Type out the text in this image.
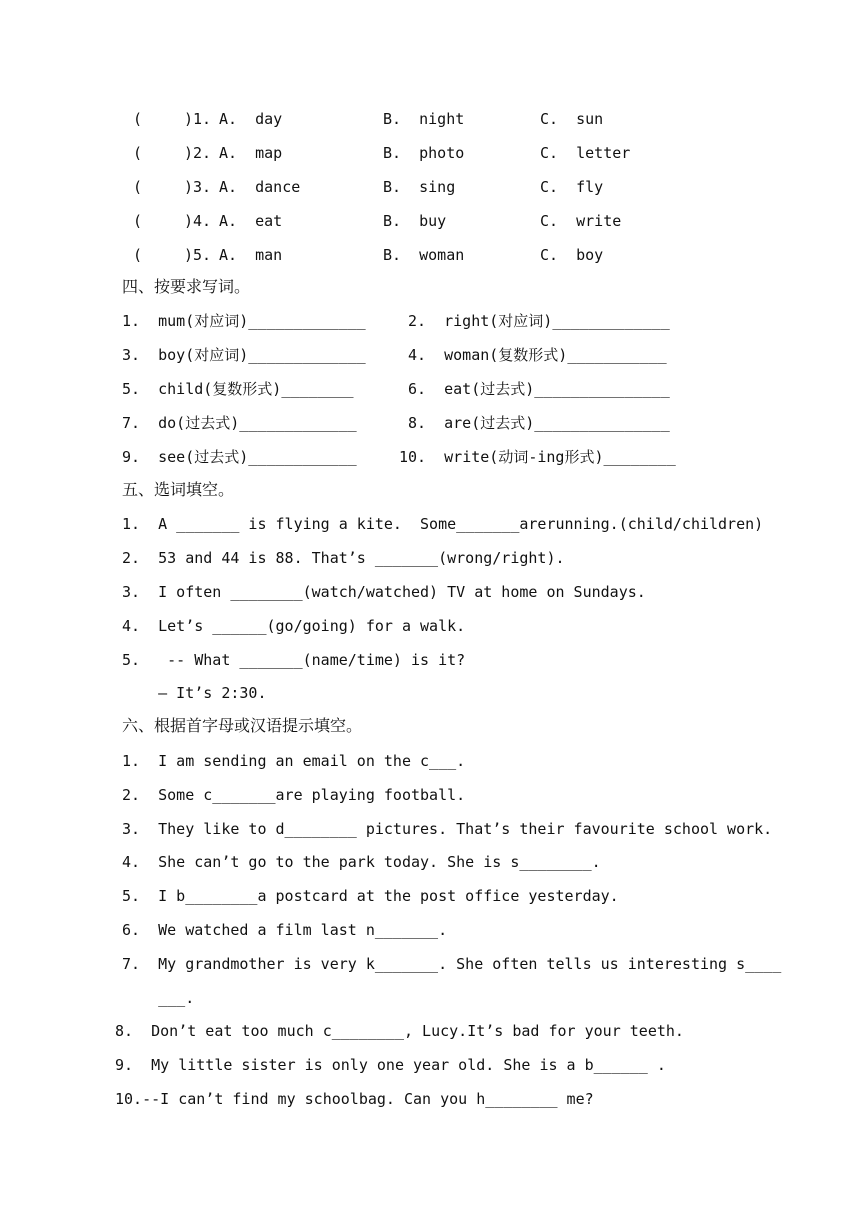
(	)1. A.  day	B.  night	C.  sun
(	)2. A.  map	B.  photo	C.  letter
(	)3. A.  dance	B.  sing	C.  fly
(	)4. A.  eat	B.  buy	C.  write
(	)5. A.  man	B.  woman	C.  boy
四、按要求写词。
1.  mum(对应词)_____________	2.  right(对应词)_____________
3.  boy(对应词)_____________	4.  woman(复数形式)___________
5.  child(复数形式)________	6.  eat(过去式)_______________
7.  do(过去式)_____________	8.  are(过去式)_______________
9.  see(过去式)____________	10.  write(动词-ing形式)________
五、选词填空。
1.  A _______ is flying a kite.  Some_______arerunning.(child/children)
2.  53 and 44 is 88. That’s _______(wrong/right).
3.  I often ________(watch/watched) TV at home on Sundays.
4.  Let’s ______(go/going) for a walk.
5.   -- What _______(name/time) is it?
— It’s 2:30.
六、根据首字母或汉语提示填空。
1.  I am sending an email on the c___.
2.  Some c_______are playing football.
3.  They like to d________ pictures. That’s their favourite school work.
4.  She can’t go to the park today. She is s________.
5.  I b________a postcard at the post office yesterday.
6.  We watched a film last n_______.
7.  My grandmother is very k_______. She often tells us interesting s____
___.
8.  Don’t eat too much c________, Lucy.It’s bad for your teeth.
9.  My little sister is only one year old. She is a b______ .
10.--I can’t find my schoolbag. Can you h________ me?
